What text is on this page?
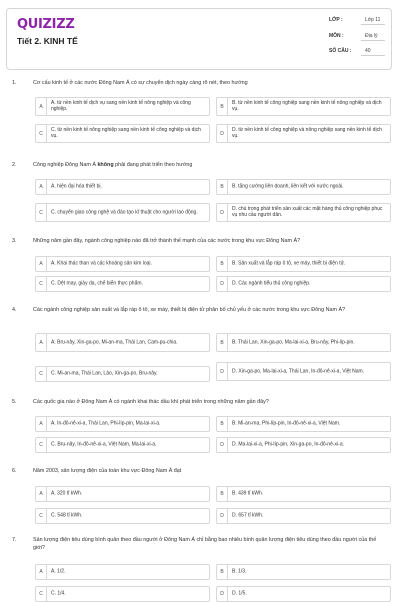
QUIZIZZ
Tiết 2. KINH TẾ
LỚP :	Lớp 11
MÔN :	Địa lý
SỐ CÂU :	40
1.	Cơ cấu kinh tế ở các nước Đông Nam Á có sự chuyển dịch ngày càng rõ nét, theo hướng
A
A. từ nền kinh tế dịch vụ sang nền kinh tế nông nghiệp và công nghiệp.	B
B. từ nền kinh tế công nghiệp sang nền kinh tế nông nghiệp và dịch vụ.
C
C. từ nền kinh tế nông nghiệp sang nền kinh tế công nghiệp và dịch vụ.	D
D. từ nền kinh tế công nghiệp và nông nghiệp sang nền kinh tế dịch vụ.
2.	Công nghiệp Đông Nam Á không phải đang phát triển theo hướng
A	A. hiện đại hóa thiết bị.	B	B. tăng cường liên doanh, liên kết với nước ngoài.
C	C. chuyển giao công nghệ và đào tạo kĩ thuật cho người lao động.	D
D. chú trọng phát triển sản xuất các mặt hàng thủ công nghiệp phục vụ nhu cầu người dân.
3.	Những năm gần đây, ngành công nghiệp nào đã trở thành thế mạnh của các nước trong khu vực Đông Nam Á?
A	A. Khai thác than và các khoáng sản kim loại.	B	B. Sản xuất và lắp ráp ô tô, xe máy, thiết bị điện tử.
C	C. Dệt may, giày da, chế biến thực phẩm.	D	D. Các ngành tiểu thủ công nghiệp.
4.	Các ngành công nghiệp sản xuất và lắp ráp ô tô, xe máy, thiết bị điện tử phân bố chủ yếu ở các nước trong khu vực Đông Nam Á?
A	A. Bru-nây, Xin-ga-po, Mi-an-ma, Thái Lan, Cam-pu-chia.	B	B. Thái Lan, Xin-ga-po, Ma-lai-xi-a, Bru-nây, Phi-líp-pin.
C	C. Mi-an-ma, Thái Lan, Lào, Xin-ga-po, Bru-nây.	D	D. Xin-ga-po, Ma-lai-xi-a, Thái Lan, In-đô-nê-xi-a, Việt Nam.
5.	Các quốc gia nào ở Đông Nam Á có ngành khai thác dầu khí phát triển trong những năm gần đây?
A	A. In-đô-nê-xi-a, Thái Lan, Phi-líp-pin, Ma-lai-xi-a.	B	B. Mi-an-ma, Phi-líp-pin, In-đô-nê-xi-a, Việt Nam.
C	C. Bru-nây, In-đô-nê-xi-a, Việt Nam, Ma-lai-xi-a.	D	D. Ma-lai-xi-a, Phi-líp-pin, Xin-ga-po, In-đô-nê-xi-a.
6.	Năm 2003, sản lượng điện của toàn khu vực Đông Nam Á đạt
A	A. 320 tỉ kWh.	B	B. 439 tỉ kWh.
C	C. 548 tỉ kWh.	D	D. 657 tỉ kWh.
7.	Sản lượng điện tiêu dùng bình quân theo đầu người ở Đông Nam Á chỉ bằng bao nhiêu bình quân lượng điện tiêu dùng theo đầu người của thế giới?
A	A. 1/2.	B	B. 1/3.
C	C. 1/4.	D	D. 1/5.
